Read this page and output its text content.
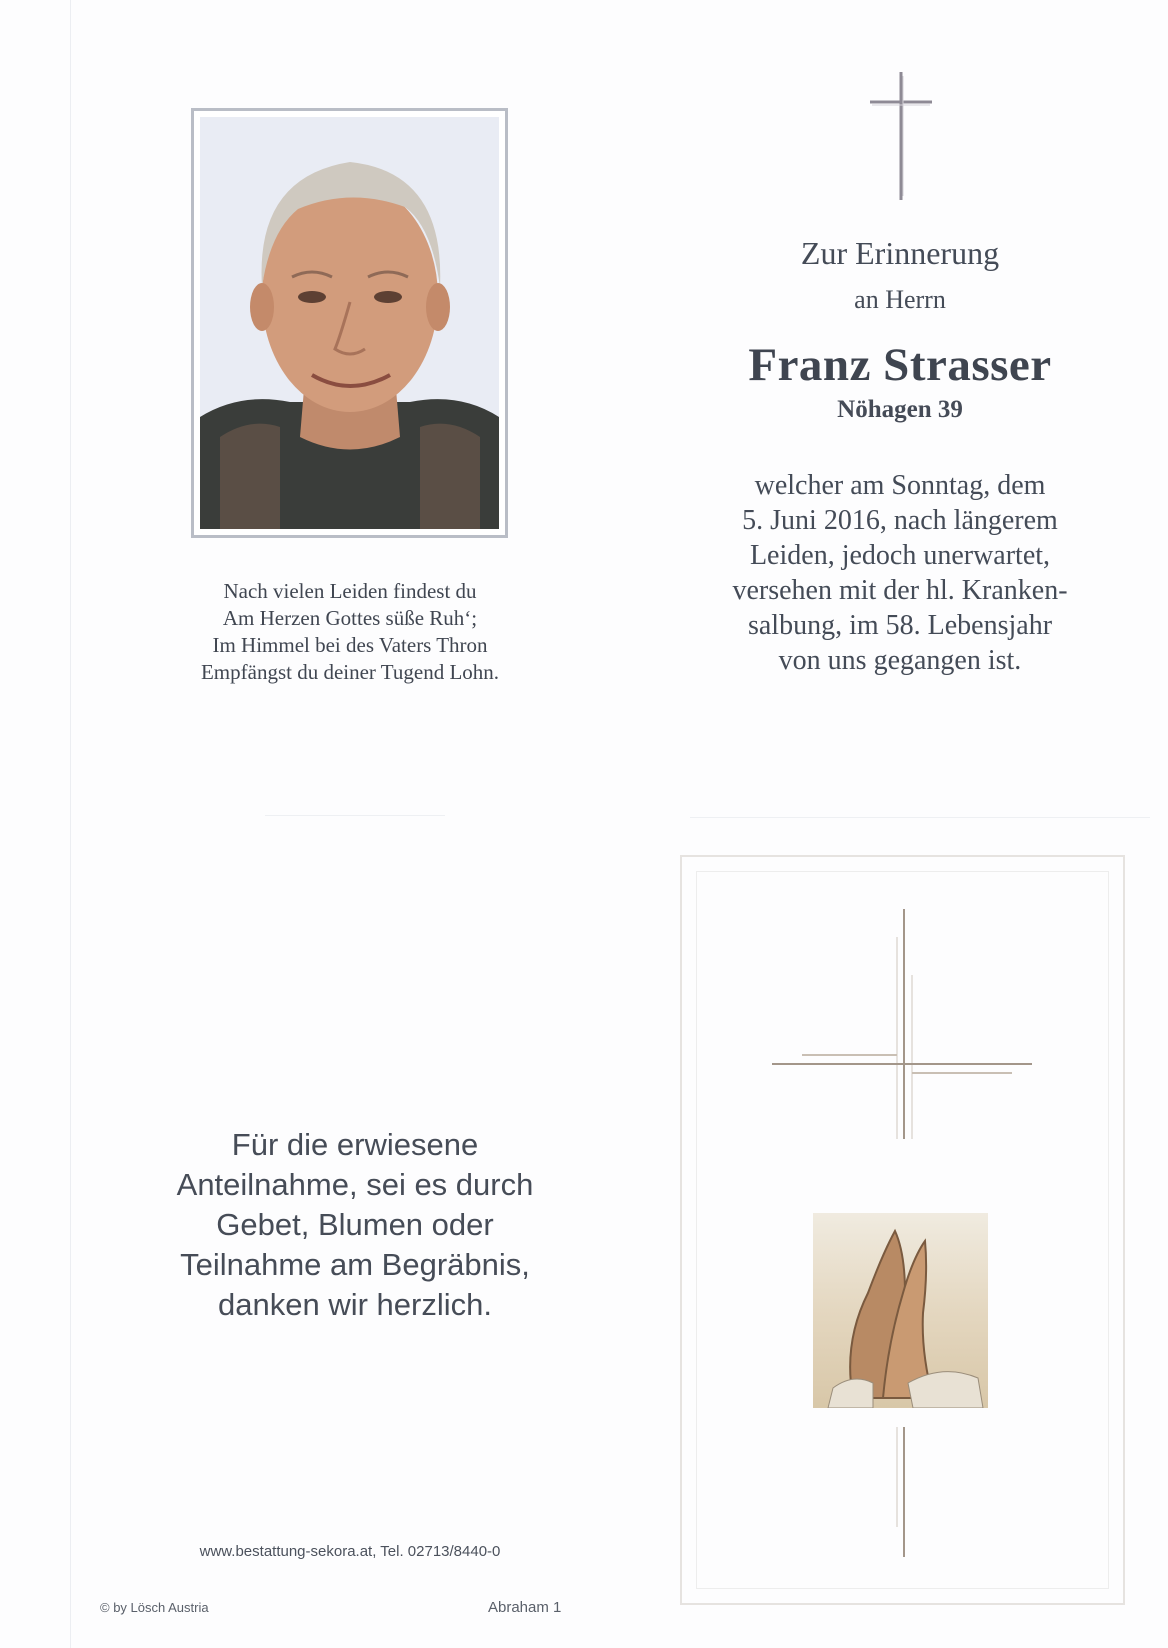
Nach vielen Leiden findest du
Am Herzen Gottes süße Ruh‘;
Im Himmel bei des Vaters Thron
Empfängst du deiner Tugend Lohn.
Zur Erinnerung
an Herrn
Franz Strasser
Nöhagen 39
welcher am Sonntag, dem
5. Juni 2016, nach längerem
Leiden, jedoch unerwartet,
versehen mit der hl. Kranken-
salbung, im 58. Lebensjahr
von uns gegangen ist.
Für die erwiesene
Anteilnahme, sei es durch
Gebet, Blumen oder
Teilnahme am Begräbnis,
danken wir herzlich.
www.bestattung-sekora.at, Tel. 02713/8440-0
© by Lösch Austria	Abraham 1
